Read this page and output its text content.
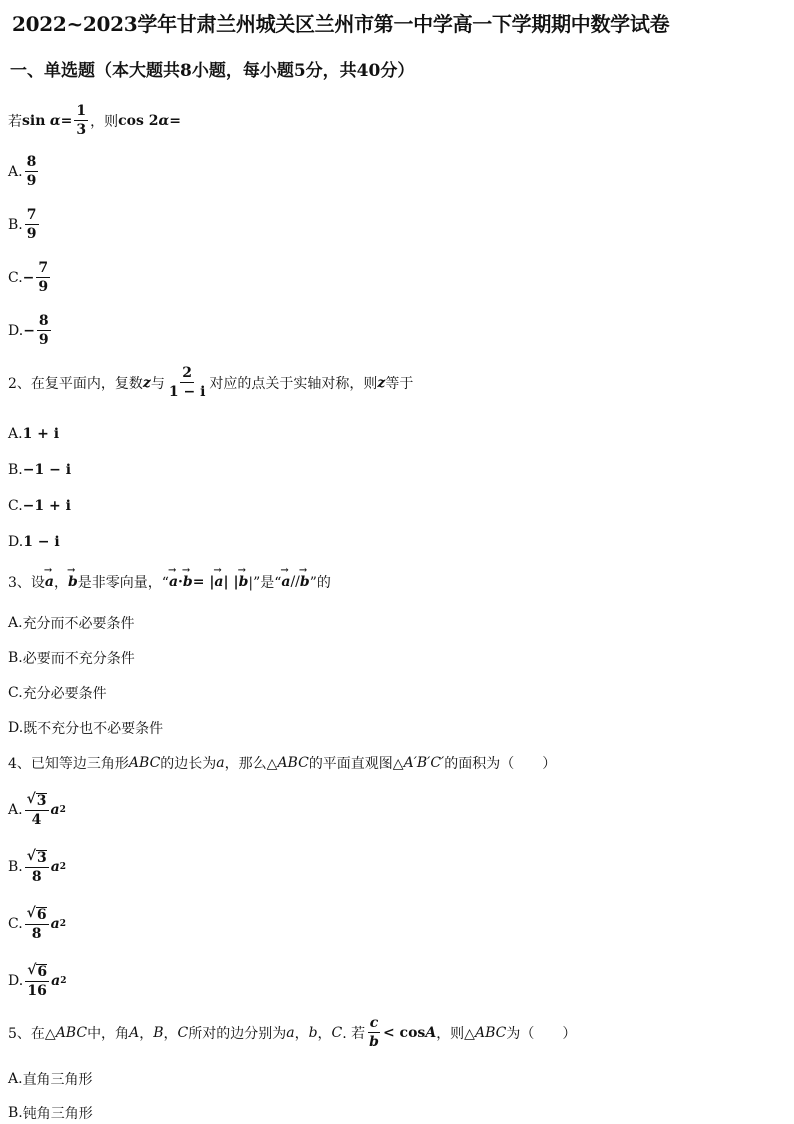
2022~2023学年甘肃兰州城关区兰州市第一中学高一下学期期中数学试卷
一、单选题（本大题共8小题，每小题5分，共40分）
若 sin
$\alpha = \frac{1}{3}$ ，则 cos 2 α =
A. $\frac{8}{9}$
B. $\frac{7}{9}$
C. − $\frac{7}{9}$
D. − $\frac{8}{9}$
2、在复平面内，复数 z 与 $\frac{2}{1 - i}$ 对应的点关于实轴对称，则 z 等于
A. 1 + i
B. −1 − i
C. −1 + i
D. 1 − i
3、设 → a ， → b 是非零向量，“ → a · → b = | → a | | → b |”是“ → a // → b ”的
A. 充分而不必要条件
B. 必要而不充分条件
C. 充分必要条件
D. 既不充分也不必要条件
4、已知等边三角形 ABC 的边长为 a ，那么△ ABC 的平面直观图△ A′B′C′ 的面积为（　　）
A. $\frac{√ 3}{4}$ a 2
B. $\frac{√ 3}{8}$ a 2
C. $\frac{√ 6}{8}$ a 2
D. $\frac{√ 6}{16}$ a 2
5、在△ ABC 中，角 A ， B ， C 所对的边分别为 a ， b ， C . 若 $\frac{c}{b} < \cos A$ ，则△ ABC 为（　　）
A. 直角三角形
B. 钝角三角形
